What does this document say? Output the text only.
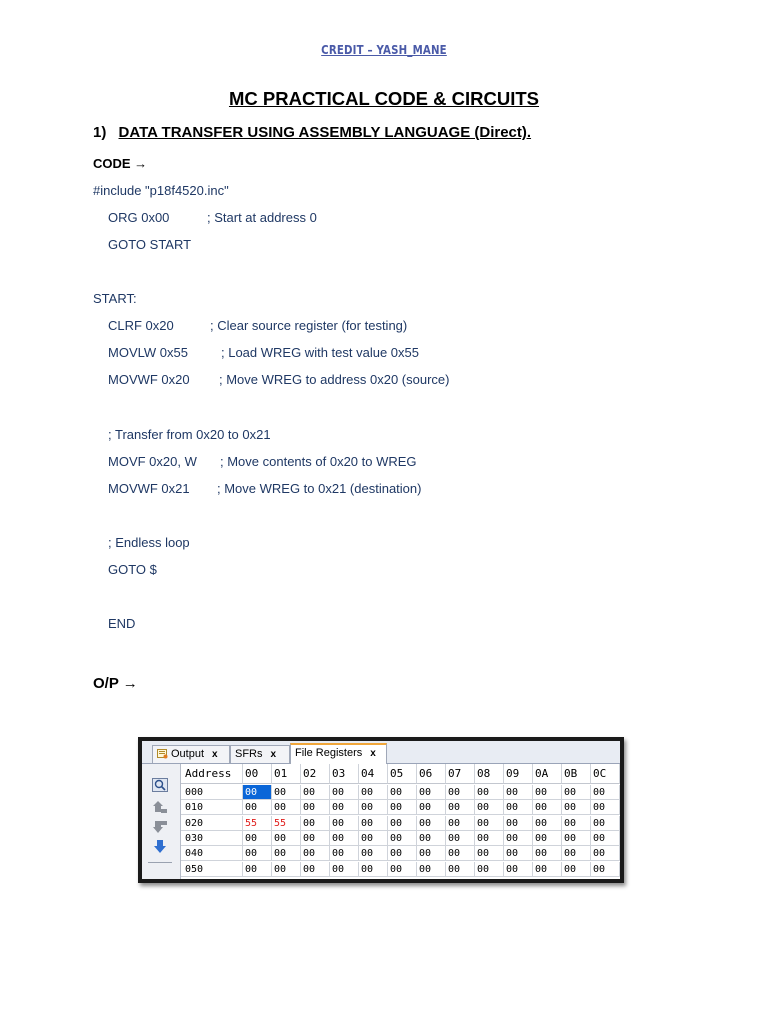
CREDIT – YASH_MANE
MC PRACTICAL CODE & CIRCUITS
1) DATA TRANSFER USING ASSEMBLY LANGUAGE (Direct).
CODE →
#include "p18f4520.inc"
ORG 0x00	; Start at address 0
GOTO START
START:
CLRF 0x20	; Clear source register (for testing)
MOVLW 0x55	; Load WREG with test value 0x55
MOVWF 0x20 ; Move WREG to address 0x20 (source)
; Transfer from 0x20 to 0x21
MOVF 0x20, W ; Move contents of 0x20 to WREG
MOVWF 0x21 ; Move WREG to 0x21 (destination)
; Endless loop
GOTO $
END
O/P →
Output x	SFRs x	File Registers x
Address	00	01	02	03	04	05	06	07	08	09	0A	0B	0C
000	00	00	00	00	00	00	00	00	00	00	00	00	00
010	00	00	00	00	00	00	00	00	00	00	00	00	00
020	55	55	00	00	00	00	00	00	00	00	00	00	00
030	00	00	00	00	00	00	00	00	00	00	00	00	00
040	00	00	00	00	00	00	00	00	00	00	00	00	00
050	00	00	00	00	00	00	00	00	00	00	00	00	00
